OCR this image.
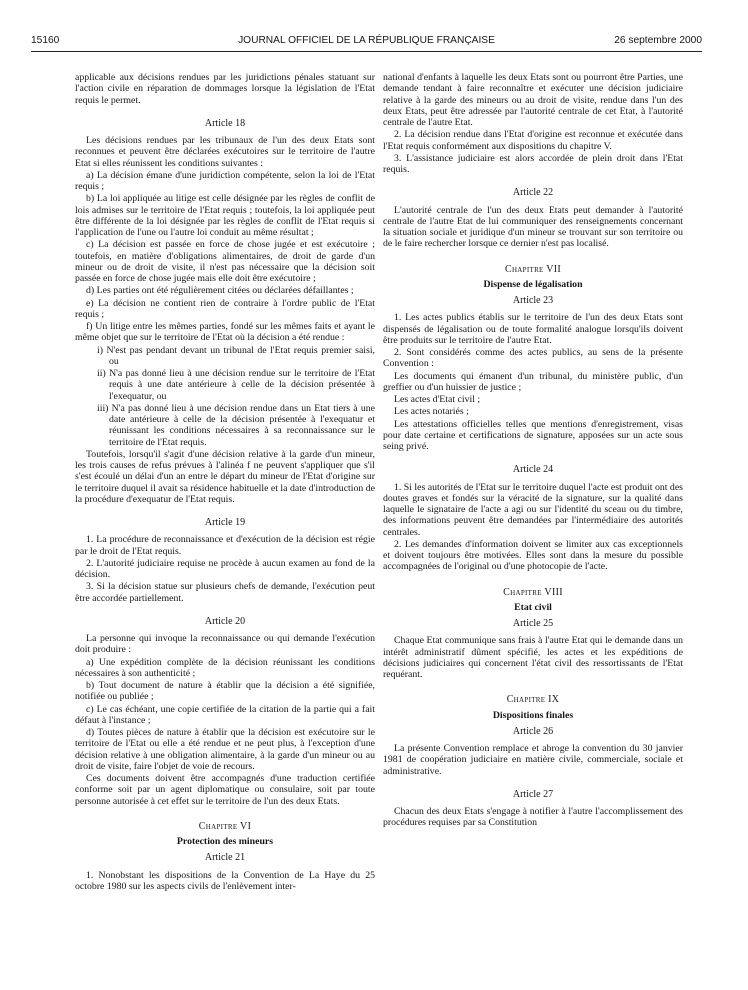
15160	JOURNAL OFFICIEL DE LA RÉPUBLIQUE FRANÇAISE	26 septembre 2000

applicable aux décisions rendues par les juridictions pénales statuant sur l'action civile en réparation de dommages lorsque la législation de l'Etat requis le permet.

Article 18

Les décisions rendues par les tribunaux de l'un des deux Etats sont reconnues et peuvent être déclarées exécutoires sur le territoire de l'autre Etat si elles réunissent les conditions suivantes :

a) La décision émane d'une juridiction compétente, selon la loi de l'Etat requis ;

b) La loi appliquée au litige est celle désignée par les règles de conflit de lois admises sur le territoire de l'Etat requis ; toutefois, la loi appliquée peut être différente de la loi désignée par les règles de conflit de l'Etat requis si l'application de l'une ou l'autre loi conduit au même résultat ;

c) La décision est passée en force de chose jugée et est exécutoire ; toutefois, en matière d'obligations alimentaires, de droit de garde d'un mineur ou de droit de visite, il n'est pas nécessaire que la décision soit passée en force de chose jugée mais elle doit être exécutoire ;

d) Les parties ont été régulièrement citées ou déclarées défaillantes ;

e) La décision ne contient rien de contraire à l'ordre public de l'Etat requis ;

f) Un litige entre les mêmes parties, fondé sur les mêmes faits et ayant le même objet que sur le territoire de l'Etat où la décision a été rendue :

i) N'est pas pendant devant un tribunal de l'Etat requis premier saisi, ou

ii) N'a pas donné lieu à une décision rendue sur le territoire de l'Etat requis à une date antérieure à celle de la décision présentée à l'exequatur, ou

iii) N'a pas donné lieu à une décision rendue dans un Etat tiers à une date antérieure à celle de la décision présentée à l'exequatur et réunissant les conditions nécessaires à sa reconnaissance sur le territoire de l'Etat requis.

Toutefois, lorsqu'il s'agit d'une décision relative à la garde d'un mineur, les trois causes de refus prévues à l'alinéa f ne peuvent s'appliquer que s'il s'est écoulé un délai d'un an entre le départ du mineur de l'Etat d'origine sur le territoire duquel il avait sa résidence habituelle et la date d'introduction de la procédure d'exequatur de l'Etat requis.

Article 19

1. La procédure de reconnaissance et d'exécution de la décision est régie par le droit de l'Etat requis.

2. L'autorité judiciaire requise ne procède à aucun examen au fond de la décision.

3. Si la décision statue sur plusieurs chefs de demande, l'exécution peut être accordée partiellement.

Article 20

La personne qui invoque la reconnaissance ou qui demande l'exécution doit produire :

a) Une expédition complète de la décision réunissant les conditions nécessaires à son authenticité ;

b) Tout document de nature à établir que la décision a été signifiée, notifiée ou publiée ;

c) Le cas échéant, une copie certifiée de la citation de la partie qui a fait défaut à l'instance ;

d) Toutes pièces de nature à établir que la décision est exécutoire sur le territoire de l'Etat ou elle a été rendue et ne peut plus, à l'exception d'une décision relative à une obligation alimentaire, à la garde d'un mineur ou au droit de visite, faire l'objet de voie de recours.

Ces documents doivent être accompagnés d'une traduction certifiée conforme soit par un agent diplomatique ou consulaire, soit par toute personne autorisée à cet effet sur le territoire de l'un des deux Etats.

Chapitre VI
Protection des mineurs
Article 21

1. Nonobstant les dispositions de la Convention de La Haye du 25 octobre 1980 sur les aspects civils de l'enlèvement inter-

national d'enfants à laquelle les deux Etats sont ou pourront être Parties, une demande tendant à faire reconnaître et exécuter une décision judiciaire relative à la garde des mineurs ou au droit de visite, rendue dans l'un des deux Etats, peut être adressée par l'autorité centrale de cet Etat, à l'autorité centrale de l'autre Etat.

2. La décision rendue dans l'Etat d'origine est reconnue et exécutée dans l'Etat requis conformément aux dispositions du chapitre V.

3. L'assistance judiciaire est alors accordée de plein droit dans l'Etat requis.

Article 22

L'autorité centrale de l'un des deux Etats peut demander à l'autorité centrale de l'autre Etat de lui communiquer des renseignements concernant la situation sociale et juridique d'un mineur se trouvant sur son territoire ou de le faire rechercher lorsque ce dernier n'est pas localisé.

Chapitre VII
Dispense de légalisation
Article 23

1. Les actes publics établis sur le territoire de l'un des deux Etats sont dispensés de légalisation ou de toute formalité analogue lorsqu'ils doivent être produits sur le territoire de l'autre Etat.

2. Sont considérés comme des actes publics, au sens de la présente Convention :

Les documents qui émanent d'un tribunal, du ministère public, d'un greffier ou d'un huissier de justice ;

Les actes d'Etat civil ;

Les actes notariés ;

Les attestations officielles telles que mentions d'enregistrement, visas pour date certaine et certifications de signature, apposées sur un acte sous seing privé.

Article 24

1. Si les autorités de l'Etat sur le territoire duquel l'acte est produit ont des doutes graves et fondés sur la véracité de la signature, sur la qualité dans laquelle le signataire de l'acte a agi ou sur l'identité du sceau ou du timbre, des informations peuvent être demandées par l'intermédiaire des autorités centrales.

2. Les demandes d'information doivent se limiter aux cas exceptionnels et doivent toujours être motivées. Elles sont dans la mesure du possible accompagnées de l'original ou d'une photocopie de l'acte.

Chapitre VIII
Etat civil
Article 25

Chaque Etat communique sans frais à l'autre Etat qui le demande dans un intérêt administratif dûment spécifié, les actes et les expéditions de décisions judiciaires qui concernent l'état civil des ressortissants de l'Etat requérant.

Chapitre IX
Dispositions finales
Article 26

La présente Convention remplace et abroge la convention du 30 janvier 1981 de coopération judiciaire en matière civile, commerciale, sociale et administrative.

Article 27

Chacun des deux Etats s'engage à notifier à l'autre l'accomplissement des procédures requises par sa Constitution
